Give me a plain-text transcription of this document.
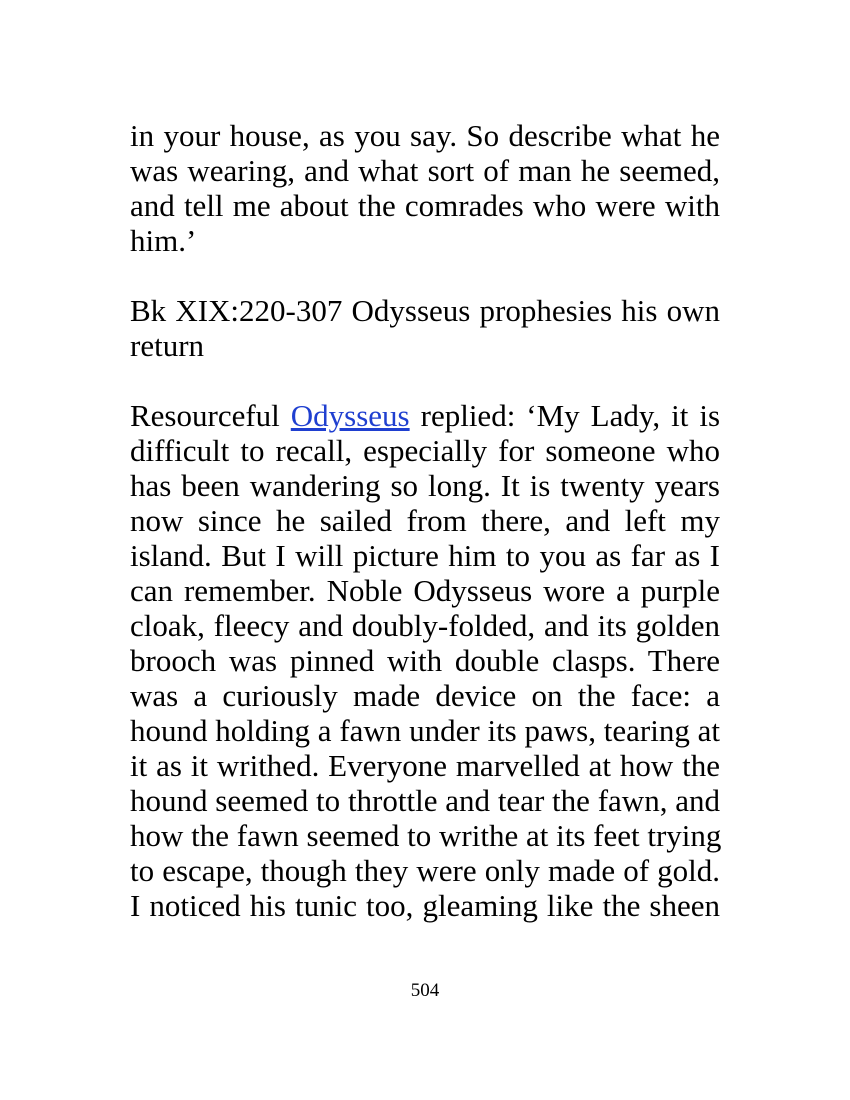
in your house, as you say. So describe what he
was wearing, and what sort of man he seemed,
and tell me about the comrades who were with
him.’
Bk XIX:220-307 Odysseus prophesies his own
return
Resourceful Odysseus replied: ‘My Lady, it is
difficult to recall, especially for someone who
has been wandering so long. It is twenty years
now since he sailed from there, and left my
island. But I will picture him to you as far as I
can remember. Noble Odysseus wore a purple
cloak, fleecy and doubly-folded, and its golden
brooch was pinned with double clasps. There
was a curiously made device on the face: a
hound holding a fawn under its paws, tearing at
it as it writhed. Everyone marvelled at how the
hound seemed to throttle and tear the fawn, and
how the fawn seemed to writhe at its feet trying
to escape, though they were only made of gold.
I noticed his tunic too, gleaming like the sheen
504
